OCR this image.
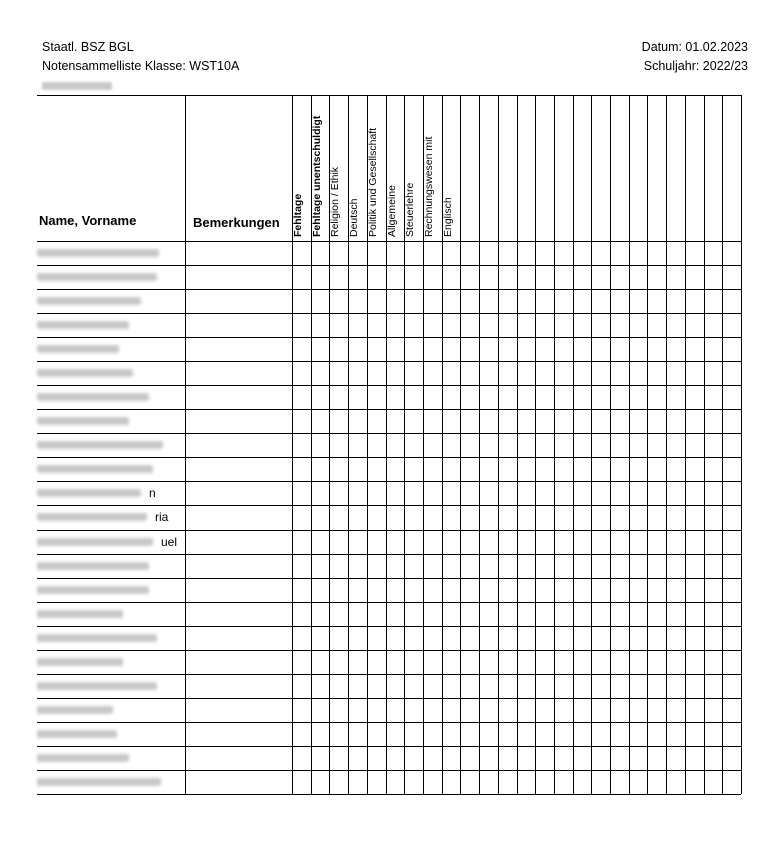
Staatl. BSZ BGL
Notensammelliste Klasse: WST10A
Datum: 01.02.2023
Schuljahr: 2022/23
Name, Vorname	Bemerkungen Fehltage Fehltage unentschuldigt Religion / Ethik Deutsch Politik und Gesellschaft Allgemeine Steuerlehre Rechnungswesen mit Englisch
n
ria
uel
